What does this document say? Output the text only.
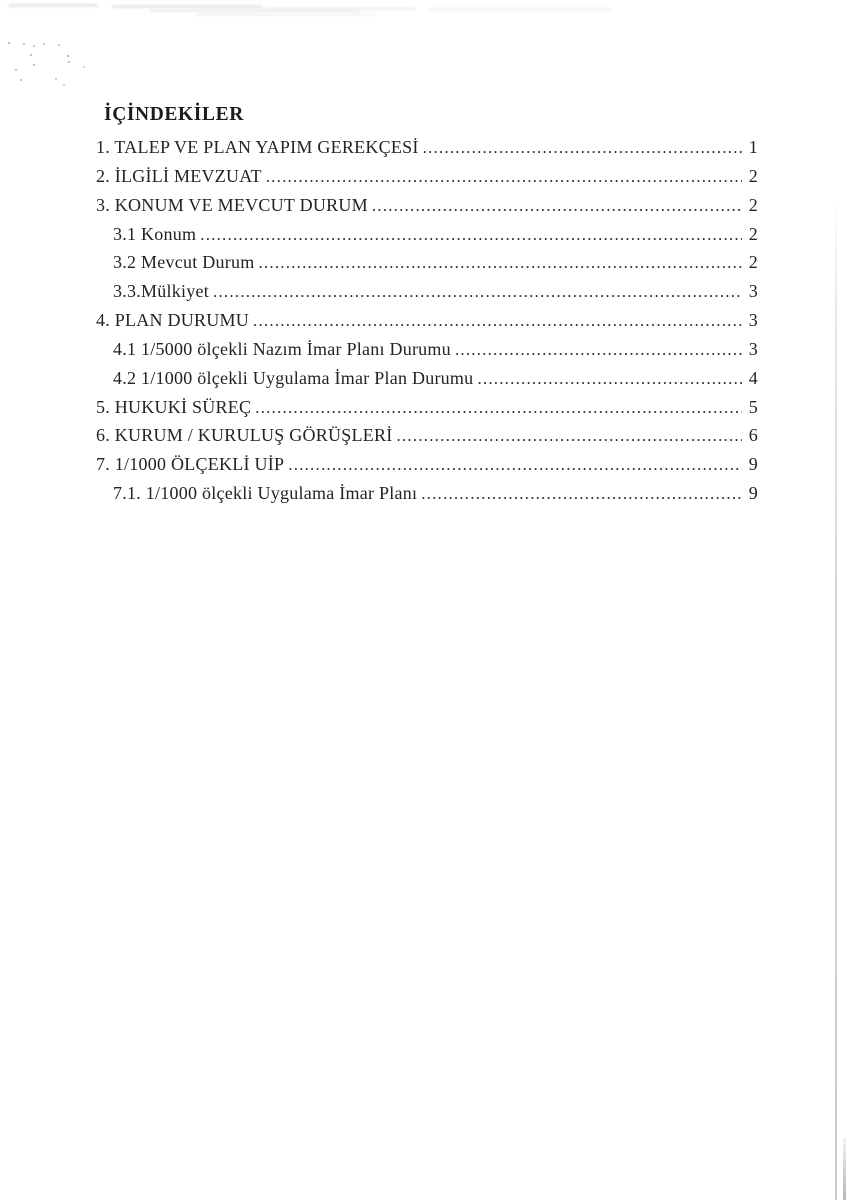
İÇİNDEKİLER
1. TALEP VE PLAN YAPIM GEREKÇESİ .....	1
2. İLGİLİ MEVZUAT .....	2
3. KONUM VE MEVCUT DURUM .....	2
3.1 Konum .....	2
3.2 Mevcut Durum .....	2
3.3.Mülkiyet .....	3
4. PLAN DURUMU .....	3
4.1 1/5000 ölçekli Nazım İmar Planı Durumu .....	3
4.2 1/1000 ölçekli Uygulama İmar Plan Durumu .....	4
5. HUKUKİ SÜREÇ .....	5
6. KURUM / KURULUŞ GÖRÜŞLERİ .....	6
7. 1/1000 ÖLÇEKLİ UİP .....	9
7.1. 1/1000 ölçekli Uygulama İmar Planı .....	9
